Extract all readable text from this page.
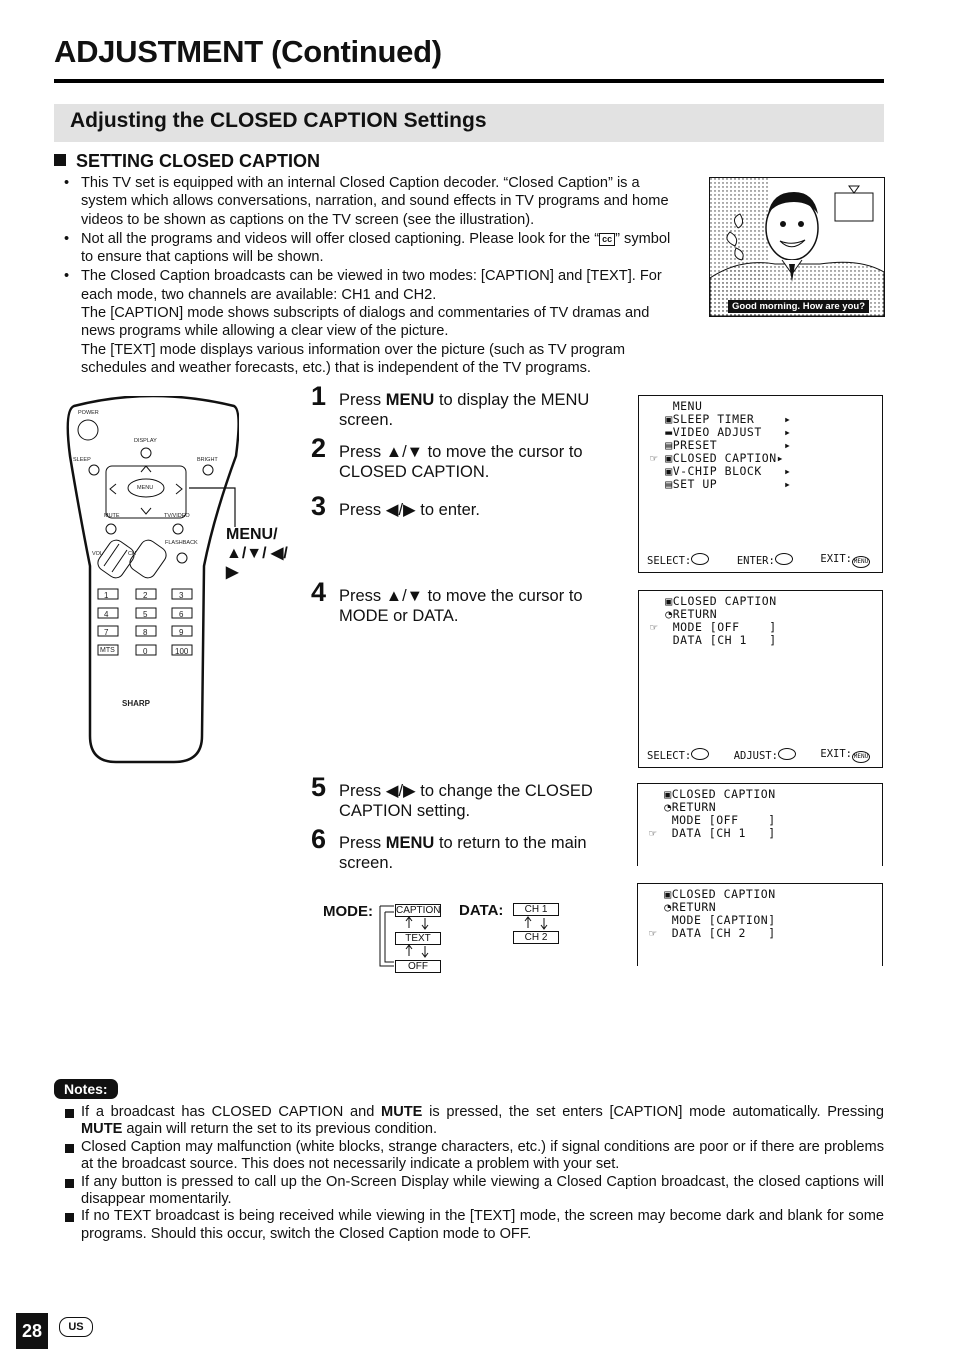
ADJUSTMENT (Continued)
Adjusting the CLOSED CAPTION Settings
SETTING CLOSED CAPTION
• This TV set is equipped with an internal Closed Caption decoder. “Closed Caption” is a system which allows conversations, narration, and sound effects in TV programs and home videos to be shown as captions on the TV screen (see the illustration).
• Not all the programs and videos will offer closed captioning. Please look for the “ cc ” symbol to ensure that captions will be shown.
• The Closed Caption broadcasts can be viewed in two modes: [CAPTION] and [TEXT]. For each mode, two channels are available: CH1 and CH2.
The [CAPTION] mode shows subscripts of dialogs and commentaries of TV dramas and news programs while allowing a clear view of the picture.
The [TEXT] mode displays various information over the picture (such as TV program schedules and weather forecasts, etc.) that is independent of the TV programs.
Good morning. How are you?
POWER
DISPLAY
SLEEP	BRIGHT
MENU
MUTE	TV/VIDEO
FLASHBACK
VOL	CH
1	2	3
4	5	6
7	8	9
MTS	0	100
SHARP
MENU/ ▲/▼/ ◀/▶
1 Press MENU to display the MENU screen.
2 Press ▲/▼ to move the cursor to CLOSED CAPTION.
3 Press ◀/▶ to enter.
4 Press ▲/▼ to move the cursor to MODE or DATA.
5 Press ◀/▶ to change the CLOSED CAPTION setting.
6 Press MENU to return to the main screen.
MENU
▣SLEEP TIMER    ▸
▬VIDEO ADJUST   ▸
▤PRESET         ▸
☞ ▣CLOSED CAPTION▸
▣V-CHIP BLOCK   ▸
▤SET UP         ▸
SELECT:	ENTER:	EXIT: MENU
▣CLOSED CAPTION
◔RETURN
☞  MODE [OFF    ]
DATA [CH 1   ]
SELECT:	ADJUST:	EXIT: MENU
▣CLOSED CAPTION
◔RETURN
MODE [OFF    ]
☞  DATA [CH 1   ]
▣CLOSED CAPTION
◔RETURN
MODE [CAPTION]
☞  DATA [CH 2   ]
MODE:	DATA:
CAPTION
TEXT
OFF
CH 1
CH 2
Notes:
If a broadcast has CLOSED CAPTION and MUTE is pressed, the set enters [CAPTION] mode automatically. Pressing MUTE again will return the set to its previous condition.
Closed Caption may malfunction (white blocks, strange characters, etc.) if signal conditions are poor or if there are problems at the broadcast source. This does not necessarily indicate a problem with your set.
If any button is pressed to call up the On-Screen Display while viewing a Closed Caption broadcast, the closed captions will disappear momentarily.
If no TEXT broadcast is being received while viewing in the [TEXT] mode, the screen may become dark and blank for some programs. Should this occur, switch the Closed Caption mode to OFF.
28	US
